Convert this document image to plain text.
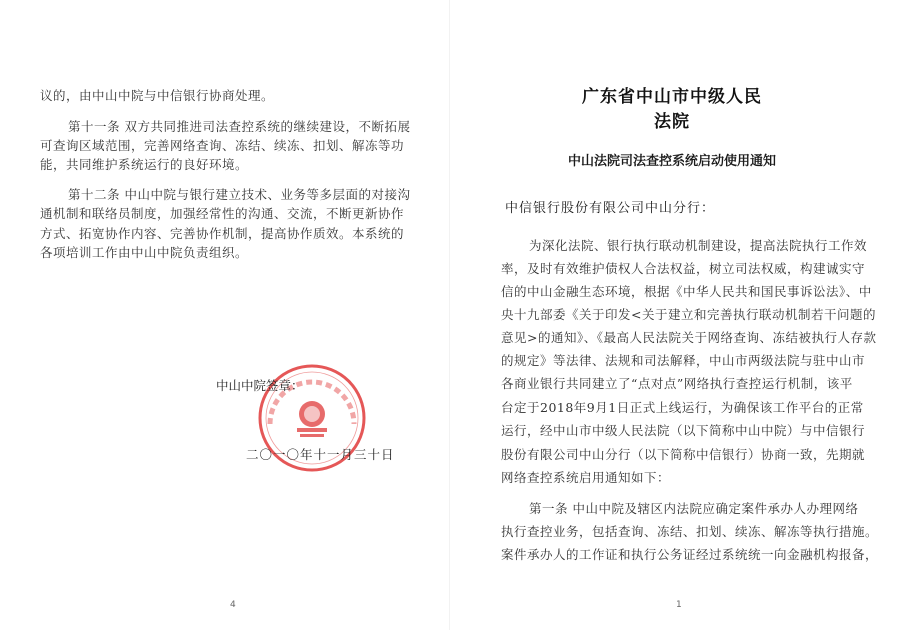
议的，由中山中院与中信银行协商处理。
第十一条 双方共同推进司法查控系统的继续建设，不断拓展
可查询区域范围，完善网络查询、冻结、续冻、扣划、解冻等功
能，共同维护系统运行的良好环境。
第十二条 中山中院与银行建立技术、业务等多层面的对接沟
通机制和联络员制度，加强经常性的沟通、交流，不断更新协作
方式、拓宽协作内容、完善协作机制，提高协作质效。本系统的
各项培训工作由中山中院负责组织。
中山中院签章：
二〇一〇年十一月三十日
4
广东省中山市中级人民法院
中山法院司法查控系统启动使用通知
中信银行股份有限公司中山分行：
为深化法院、银行执行联动机制建设，提高法院执行工作效
率，及时有效维护债权人合法权益，树立司法权威，构建诚实守
信的中山金融生态环境，根据《中华人民共和国民事诉讼法》、中
央十九部委《关于印发<关于建立和完善执行联动机制若干问题的
意见>的通知》、《最高人民法院关于网络查询、冻结被执行人存款
的规定》等法律、法规和司法解释，中山市两级法院与驻中山市
各商业银行共同建立了“点对点”网络执行查控运行机制，该平
台定于2018年9月1日正式上线运行，为确保该工作平台的正常
运行，经中山市中级人民法院（以下简称中山中院）与中信银行
股份有限公司中山分行（以下简称中信银行）协商一致，先期就
网络查控系统启用通知如下：
第一条 中山中院及辖区内法院应确定案件承办人办理网络
执行查控业务，包括查询、冻结、扣划、续冻、解冻等执行措施。
案件承办人的工作证和执行公务证经过系统统一向金融机构报备，
1
